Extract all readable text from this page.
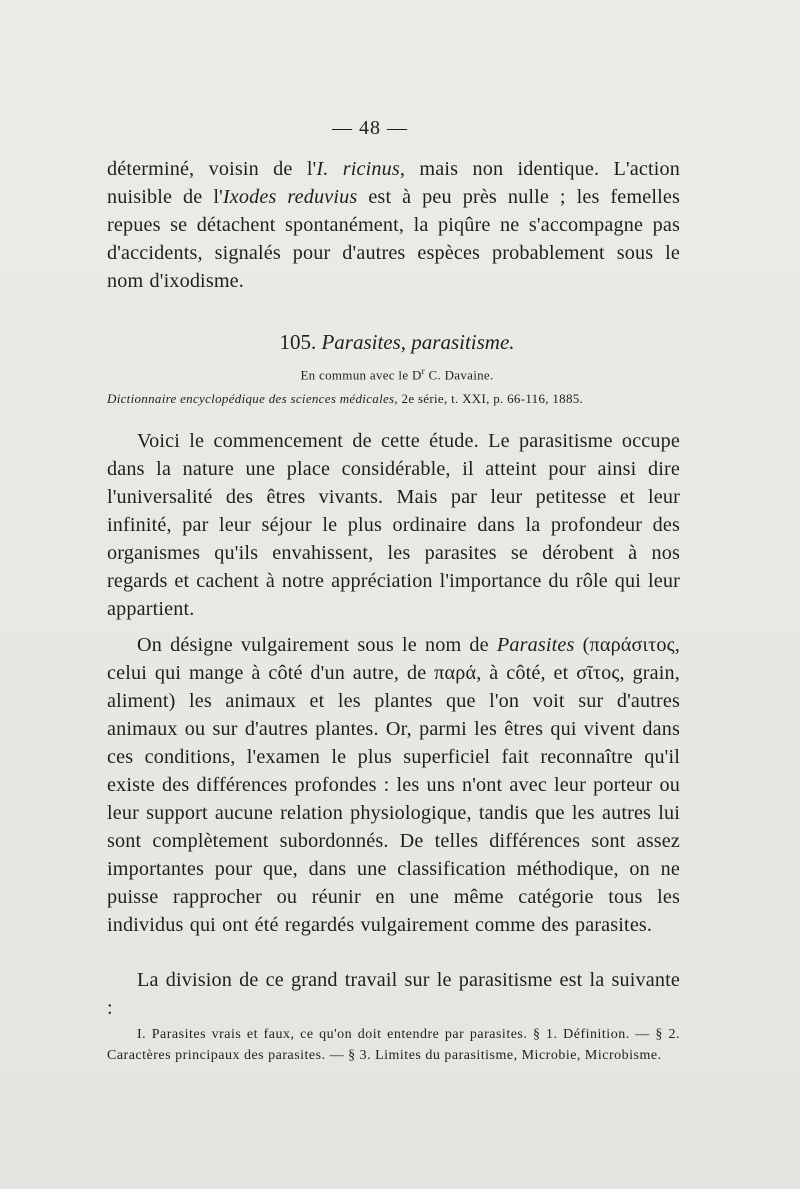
— 48 —

déterminé, voisin de l'I. ricinus, mais non identique. L'action nuisible de l'Ixodes reduvius est à peu près nulle ; les femelles repues se détachent spontanément, la piqûre ne s'accompagne pas d'accidents, signalés pour d'autres espèces probablement sous le nom d'ixodisme.

105. Parasites, parasitisme.
En commun avec le $D^r$ C. Davaine.
Dictionnaire encyclopédique des sciences médicales, 2e série, t. XXI, p. 66-116, 1885.

Voici le commencement de cette étude. Le parasitisme occupe dans la nature une place considérable, il atteint pour ainsi dire l'universalité des êtres vivants. Mais par leur petitesse et leur infinité, par leur séjour le plus ordinaire dans la profondeur des organismes qu'ils envahissent, les parasites se dérobent à nos regards et cachent à notre appréciation l'importance du rôle qui leur appartient.

On désigne vulgairement sous le nom de Parasites (παράσιτος, celui qui mange à côté d'un autre, de παρά, à côté, et σῖτος, grain, aliment) les animaux et les plantes que l'on voit sur d'autres animaux ou sur d'autres plantes. Or, parmi les êtres qui vivent dans ces conditions, l'examen le plus superficiel fait reconnaître qu'il existe des différences profondes : les uns n'ont avec leur porteur ou leur support aucune relation physiologique, tandis que les autres lui sont complètement subordonnés. De telles différences sont assez importantes pour que, dans une classification méthodique, on ne puisse rapprocher ou réunir en une même catégorie tous les individus qui ont été regardés vulgairement comme des parasites.

La division de ce grand travail sur le parasitisme est la suivante :

I. Parasites vrais et faux, ce qu'on doit entendre par parasites. § 1. Définition. — § 2. Caractères principaux des parasites. — § 3. Limites du parasitisme, Microbie, Microbisme.
